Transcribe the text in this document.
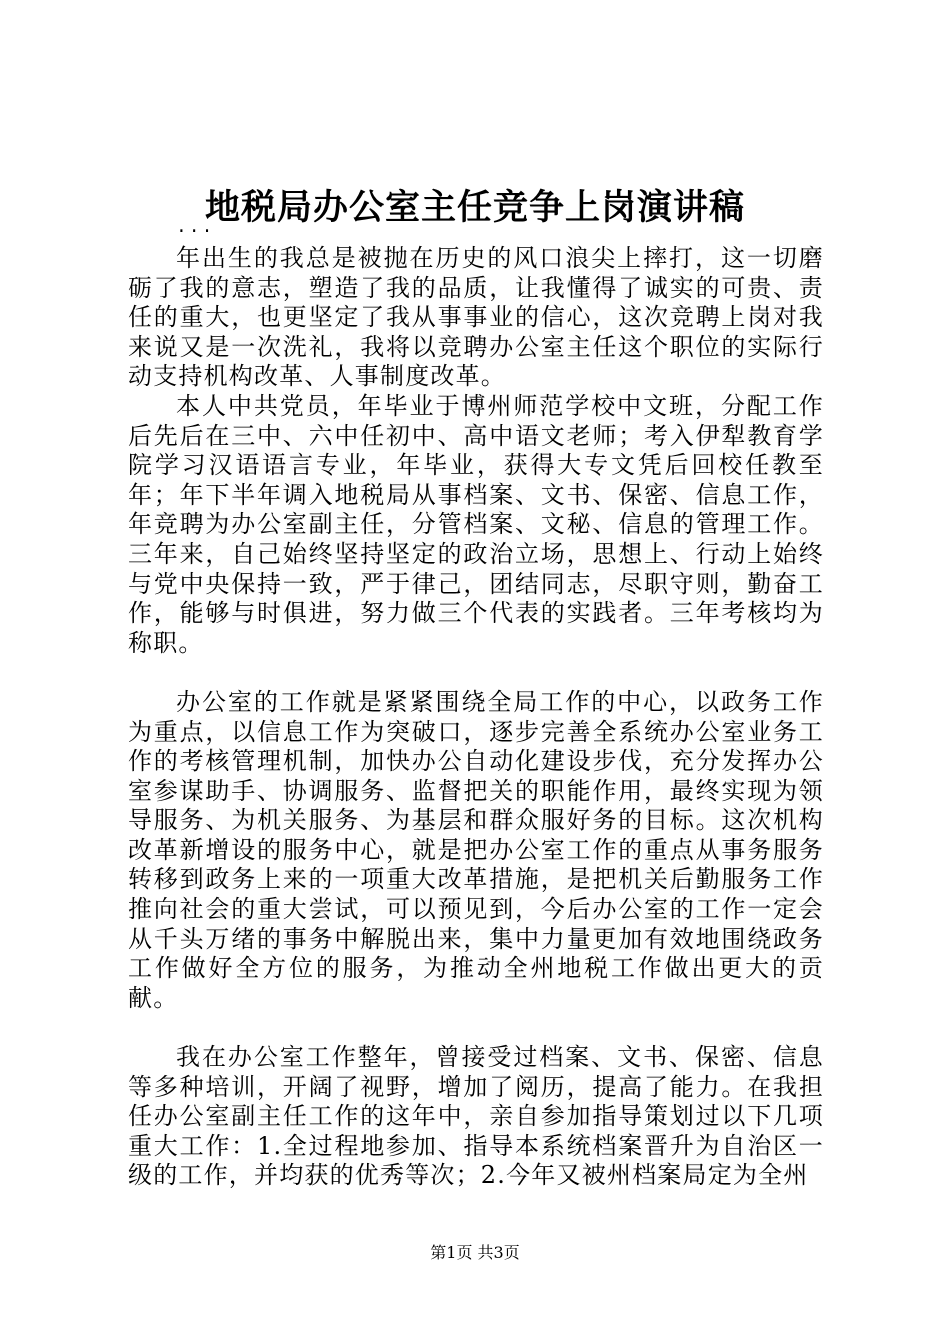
地税局办公室主任竞争上岗演讲稿
...

年出生的我总是被抛在历史的风口浪尖上摔打，这一切磨砺了我的意志，塑造了我的品质，让我懂得了诚实的可贵、责任的重大，也更坚定了我从事事业的信心，这次竞聘上岗对我来说又是一次洗礼，我将以竞聘办公室主任这个职位的实际行动支持机构改革、人事制度改革。

本人中共党员，年毕业于博州师范学校中文班，分配工作后先后在三中、六中任初中、高中语文老师；考入伊犁教育学院学习汉语语言专业，年毕业，获得大专文凭后回校任教至年；年下半年调入地税局从事档案、文书、保密、信息工作，年竞聘为办公室副主任，分管档案、文秘、信息的管理工作。三年来，自己始终坚持坚定的政治立场，思想上、行动上始终与党中央保持一致，严于律己，团结同志，尽职守则，勤奋工作，能够与时俱进，努力做三个代表的实践者。三年考核均为称职。

办公室的工作就是紧紧围绕全局工作的中心，以政务工作为重点，以信息工作为突破口，逐步完善全系统办公室业务工作的考核管理机制，加快办公自动化建设步伐，充分发挥办公室参谋助手、协调服务、监督把关的职能作用，最终实现为领导服务、为机关服务、为基层和群众服好务的目标。这次机构改革新增设的服务中心，就是把办公室工作的重点从事务服务转移到政务上来的一项重大改革措施，是把机关后勤服务工作推向社会的重大尝试，可以预见到，今后办公室的工作一定会从千头万绪的事务中解脱出来，集中力量更加有效地围绕政务工作做好全方位的服务，为推动全州地税工作做出更大的贡献。

我在办公室工作整年，曾接受过档案、文书、保密、信息等多种培训，开阔了视野，增加了阅历，提高了能力。在我担任办公室副主任工作的这年中，亲自参加指导策划过以下几项重大工作：1.全过程地参加、指导本系统档案晋升为自治区一级的工作，并均获的优秀等次；2.今年又被州档案局定为全州

第1页 共3页
